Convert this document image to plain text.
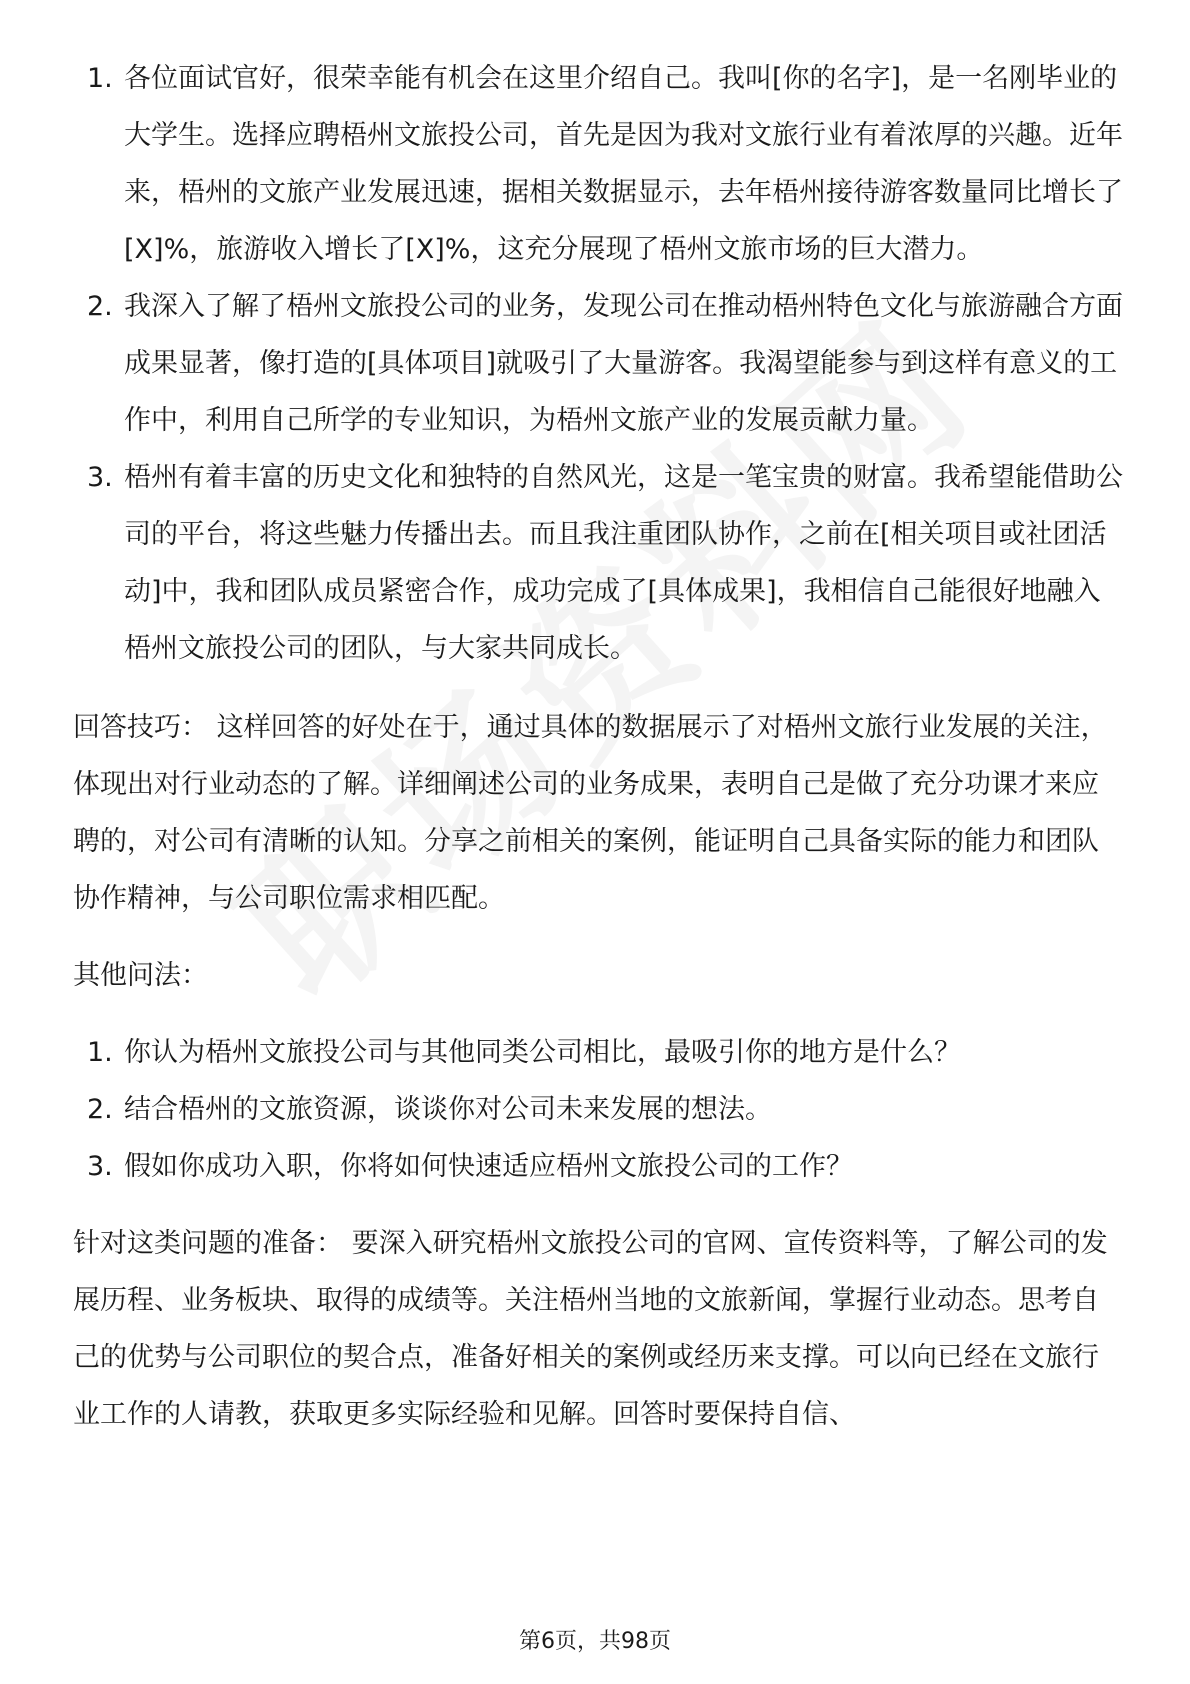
1. 各位面试官好，很荣幸能有机会在这里介绍自己。我叫[你的名字]，是一名刚毕业的大学生。选择应聘梧州文旅投公司，首先是因为我对文旅行业有着浓厚的兴趣。近年来，梧州的文旅产业发展迅速，据相关数据显示，去年梧州接待游客数量同比增长了[X]%，旅游收入增长了[X]%，这充分展现了梧州文旅市场的巨大潜力。
2. 我深入了解了梧州文旅投公司的业务，发现公司在推动梧州特色文化与旅游融合方面成果显著，像打造的[具体项目]就吸引了大量游客。我渴望能参与到这样有意义的工作中，利用自己所学的专业知识，为梧州文旅产业的发展贡献力量。
3. 梧州有着丰富的历史文化和独特的自然风光，这是一笔宝贵的财富。我希望能借助公司的平台，将这些魅力传播出去。而且我注重团队协作，之前在[相关项目或社团活动]中，我和团队成员紧密合作，成功完成了[具体成果]，我相信自己能很好地融入梧州文旅投公司的团队，与大家共同成长。

回答技巧： 这样回答的好处在于，通过具体的数据展示了对梧州文旅行业发展的关注，体现出对行业动态的了解。详细阐述公司的业务成果，表明自己是做了充分功课才来应聘的，对公司有清晰的认知。分享之前相关的案例，能证明自己具备实际的能力和团队协作精神，与公司职位需求相匹配。

其他问法：

1. 你认为梧州文旅投公司与其他同类公司相比，最吸引你的地方是什么？
2. 结合梧州的文旅资源，谈谈你对公司未来发展的想法。
3. 假如你成功入职，你将如何快速适应梧州文旅投公司的工作？

针对这类问题的准备： 要深入研究梧州文旅投公司的官网、宣传资料等，了解公司的发展历程、业务板块、取得的成绩等。关注梧州当地的文旅新闻，掌握行业动态。思考自己的优势与公司职位的契合点，准备好相关的案例或经历来支撑。可以向已经在文旅行业工作的人请教，获取更多实际经验和见解。回答时要保持自信、

第6页，共98页
